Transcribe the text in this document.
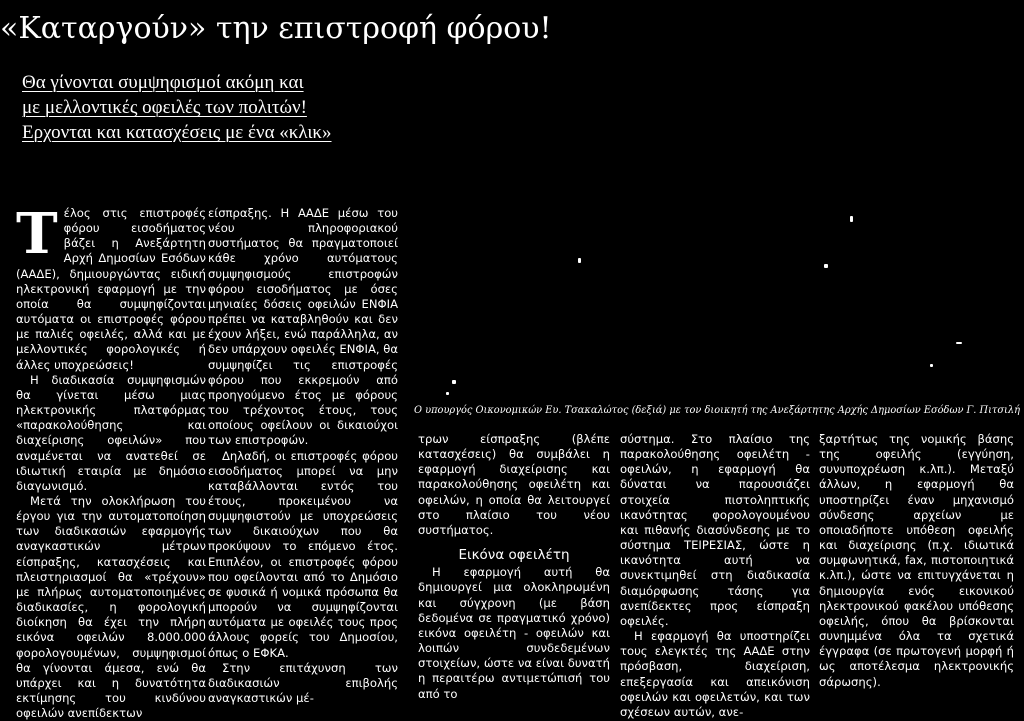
«Καταργούν» την επιστροφή φόρου!
Θα γίνονται συμψηφισμοί ακόμη και
με μελλοντικές οφειλές των πολιτών!
Ερχονται και κατασχέσεις με ένα «κλικ»
Τ έλος στις επιστροφές φόρου εισοδήματος βάζει η Ανεξάρτητη Αρχή Δημοσίων Εσόδων (ΑΑΔΕ), δημιουργώντας ειδική ηλεκτρονική εφαρμογή με την οποία θα συμψηφίζονται αυτόματα οι επιστροφές φόρου με παλιές οφειλές, αλλά και με μελλοντικές φορολογικές ή άλλες υποχρεώσεις!

Η διαδικασία συμψηφισμών θα γίνεται μέσω μιας ηλεκτρονικής πλατφόρμας «παρακολούθησης και διαχείρισης οφειλών» που αναμένεται να ανατεθεί σε ιδιωτική εταιρία με δημόσιο διαγωνισμό.

Μετά την ολοκλήρωση του έργου για την αυτοματοποίηση των διαδικασιών εφαρμογής αναγκαστικών μέτρων είσπραξης, κατασχέσεις και πλειστηριασμοί θα «τρέχουν» με πλήρως αυτοματοποιημένες διαδικασίες, η φορολογική διοίκηση θα έχει την πλήρη εικόνα οφειλών 8.000.000 φορολογουμένων, συμψηφισμοί θα γίνονται άμεσα, ενώ θα υπάρχει και η δυνατότητα εκτίμησης του κινδύνου οφειλών ανεπίδεκτων

είσπραξης. Η ΑΑΔΕ μέσω του νέου πληροφοριακού συστήματος θα πραγματοποιεί κάθε χρόνο αυτόματους συμψηφισμούς επιστροφών φόρου εισοδήματος με όσες μηνιαίες δόσεις οφειλών ΕΝΦΙΑ πρέπει να καταβληθούν και δεν έχουν λήξει, ενώ παράλληλα, αν δεν υπάρχουν οφειλές ΕΝΦΙΑ, θα συμψηφίζει τις επιστροφές φόρου που εκκρεμούν από προηγούμενο έτος με φόρους του τρέχοντος έτους, τους οποίους οφείλουν οι δικαιούχοι των επιστροφών.

Δηλαδή, οι επιστροφές φόρου εισοδήματος μπορεί να μην καταβάλλονται εντός του έτους, προκειμένου να συμψηφιστούν με υποχρεώσεις των δικαιούχων που θα προκύψουν το επόμενο έτος. Επιπλέον, οι επιστροφές φόρου που οφείλονται από το Δημόσιο σε φυσικά ή νομικά πρόσωπα θα μπορούν να συμψηφίζονται αυτόματα με οφειλές τους προς άλλους φορείς του Δημοσίου, όπως ο ΕΦΚΑ.

Στην επιτάχυνση των διαδικασιών επιβολής αναγκαστικών μέ-

Ο υπουργός Οικονομικών Ευ. Τσακαλώτος (δεξιά) με τον διοικητή της Ανεξάρτητης Αρχής Δημοσίων Εσόδων Γ. Πιτσιλή

τρων είσπραξης (βλέπε κατασχέσεις) θα συμβάλει η εφαρμογή διαχείρισης και παρακολούθησης οφειλέτη και οφειλών, η οποία θα λειτουργεί στο πλαίσιο του νέου συστήματος.

Εικόνα οφειλέτη

Η εφαρμογή αυτή θα δημιουργεί μια ολοκληρωμένη και σύγχρονη (με βάση δεδομένα σε πραγματικό χρόνο) εικόνα οφειλέτη - οφειλών και λοιπών συνδεδεμένων στοιχείων, ώστε να είναι δυνατή η περαιτέρω αντιμετώπισή του από το

σύστημα. Στο πλαίσιο της παρακολούθησης οφειλέτη - οφειλών, η εφαρμογή θα δύναται να παρουσιάζει στοιχεία πιστοληπτικής ικανότητας φορολογουμένου και πιθανής διασύνδεσης με το σύστημα ΤΕΙΡΕΣΙΑΣ, ώστε η ικανότητα αυτή να συνεκτιμηθεί στη διαδικασία διαμόρφωσης τάσης για ανεπίδεκτες προς είσπραξη οφειλές.

Η εφαρμογή θα υποστηρίζει τους ελεγκτές της ΑΑΔΕ στην πρόσβαση, διαχείριση, επεξεργασία και απεικόνιση οφειλών και οφειλετών, και των σχέσεων αυτών, ανε-

ξαρτήτως της νομικής βάσης της οφειλής (εγγύηση, συνυποχρέωση κ.λπ.). Μεταξύ άλλων, η εφαρμογή θα υποστηρίζει έναν μηχανισμό σύνδεσης αρχείων με οποιαδήποτε υπόθεση οφειλής και διαχείρισης (π.χ. ιδιωτικά συμφωνητικά, fax, πιστοποιητικά κ.λπ.), ώστε να επιτυγχάνεται η δημιουργία ενός εικονικού ηλεκτρονικού φακέλου υπόθεσης οφειλής, όπου θα βρίσκονται συνημμένα όλα τα σχετικά έγγραφα (σε πρωτογενή μορφή ή ως αποτέλεσμα ηλεκτρονικής σάρωσης).
